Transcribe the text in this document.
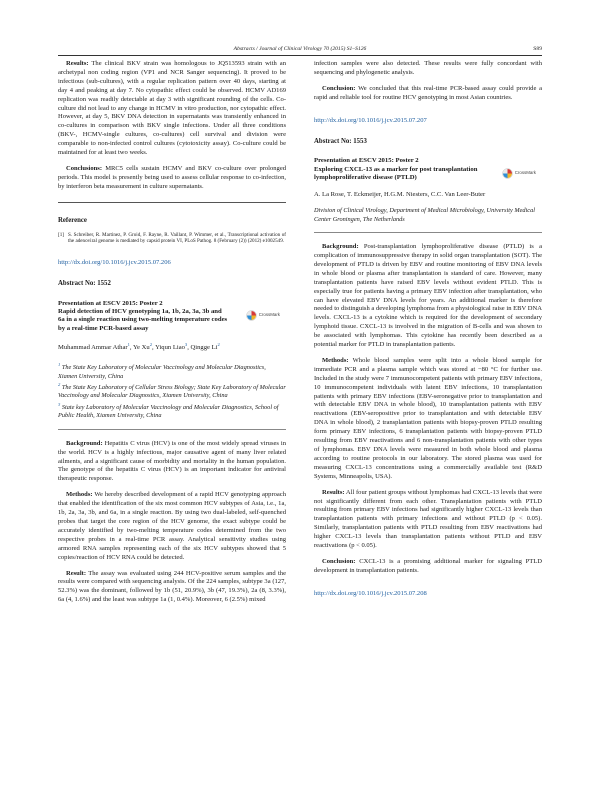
Abstracts / Journal of Clinical Virology 70 (2015) S1–S126	S89

Results: The clinical BKV strain was homologous to JQ513593 strain with an archetypal non coding region (VP1 and NCR Sanger sequencing). It proved to be infectious (sub-cultures), with a regular replication pattern over 40 days, starting at day 4 and peaking at day 7. No cytopathic effect could be observed. HCMV AD169 replication was readily detectable at day 3 with significant rounding of the cells. Co-culture did not lead to any change in HCMV in vitro production, nor cytopathic effect. However, at day 5, BKV DNA detection in supernatants was transiently enhanced in co-cultures in comparison with BKV single infections. Under all three conditions (BKV-, HCMV-single cultures, co-cultures) cell survival and division were comparable to non-infected control cultures (cytotoxicity assay). Co-culture could be maintained for at least two weeks.

Conclusions: MRC5 cells sustain HCMV and BKV co-culture over prolonged periods. This model is presently being used to assess cellular response to co-infection, by interferon beta measurement in culture supernatants.

Reference
[1] S. Schreiber, R. Martinez, P. Groid, F. Rayne, R. Vaillant, P. Wimmer, et al., Transcriptional activation of the adenoviral genome is mediated by capsid protein VI, PLoS Pathog. 8 (February (2)) (2012) e1002549.
http://dx.doi.org/10.1016/j.jcv.2015.07.206
Abstract No: 1552
Presentation at ESCV 2015: Poster 2
Rapid detection of HCV genotyping 1a, 1b, 2a, 3a, 3b and 6a in a single reaction using two-melting temperature codes by a real-time PCR-based assay
CrossMark
Muhammad Ammar Athar$^1$, Ye Xu$^2$, Yiqun Liao$^3$, Qingge Li$^2$

$^1$ The State Key Laboratory of Molecular Vaccinology and Molecular Diagnostics, Xiamen University, China

$^2$ The State Key Laboratory of Cellular Stress Biology; State Key Laboratory of Molecular Vaccinology and Molecular Diagnostics, Xiamen University, China

$^3$ State key Laboratory of Molecular Vaccinology and Molecular Diagnostics, School of Public Health, Xiamen University, China

Background: Hepatitis C virus (HCV) is one of the most widely spread viruses in the world. HCV is a highly infectious, major causative agent of many liver related ailments, and a significant cause of morbidity and mortality in the human population. The genotype of the hepatitis C virus (HCV) is an important indicator for antiviral therapeutic response.

Methods: We hereby described development of a rapid HCV genotyping approach that enabled the identification of the six most common HCV subtypes of Asia, i.e., 1a, 1b, 2a, 3a, 3b, and 6a, in a single reaction. By using two dual-labeled, self-quenched probes that target the core region of the HCV genome, the exact subtype could be accurately identified by two-melting temperature codes determined from the two respective probes in a real-time PCR assay. Analytical sensitivity studies using armored RNA samples representing each of the six HCV subtypes showed that 5 copies/reaction of HCV RNA could be detected.

Result: The assay was evaluated using 244 HCV-positive serum samples and the results were compared with sequencing analysis. Of the 224 samples, subtype 3a (127, 52.3%) was the dominant, followed by 1b (51, 20.9%), 3b (47, 19.3%), 2a (8, 3.3%), 6a (4, 1.6%) and the least was subtype 1a (1, 0.4%). Moreover, 6 (2.5%) mixed

infection samples were also detected. These results were fully concordant with sequencing and phylogenetic analysis.

Conclusion: We concluded that this real-time PCR-based assay could provide a rapid and reliable tool for routine HCV genotyping in most Asian countries.

http://dx.doi.org/10.1016/j.jcv.2015.07.207
Abstract No: 1553
Presentation at ESCV 2015: Poster 2
Exploring CXCL-13 as a marker for post transplantation lymphoproliferative disease (PTLD)
CrossMark
A. La Rose, T. Eckmeijer, H.G.M. Niesters, C.C. Van Leer-Buter

Division of Clinical Virology, Department of Medical Microbiology, University Medical Center Groningen, The Netherlands

Background: Post-transplantation lymphoproliferative disease (PTLD) is a complication of immunosuppressive therapy in solid organ transplantation (SOT). The development of PTLD is driven by EBV and routine monitoring of EBV DNA levels in whole blood or plasma after transplantation is standard of care. However, many transplantation patients have raised EBV levels without evident PTLD. This is especially true for patients having a primary EBV infection after transplantation, who can have elevated EBV DNA levels for years. An additional marker is therefore needed to distinguish a developing lymphoma from a physiological raise in EBV DNA levels. CXCL-13 is a cytokine which is required for the development of secondary lymphoid tissue. CXCL-13 is involved in the migration of B-cells and was shown to be associated with lymphomas. This cytokine has recently been described as a potential marker for PTLD in transplantation patients.

Methods: Whole blood samples were split into a whole blood sample for immediate PCR and a plasma sample which was stored at −80 °C for further use. Included in the study were 7 immunocompetent patients with primary EBV infections, 10 immunocompetent individuals with latent EBV infections, 10 transplantation patients with primary EBV infections (EBV-seronegative prior to transplantation and with detectable EBV DNA in whole blood), 10 transplantation patients with EBV reactivations (EBV-seropositive prior to transplantation and with detectable EBV DNA in whole blood), 2 transplantation patients with biopsy-proven PTLD resulting form primary EBV infections, 6 transplantation patients with biopsy-proven PTLD resulting from EBV reactivations and 6 non-transplantation patients with other types of lymphomas. EBV DNA levels were measured in both whole blood and plasma according to routine protocols in our laboratory. The stored plasma was used for measuring CXCL-13 concentrations using a commercially available test (R&D Systems, Minneapolis, USA).

Results: All four patient groups without lymphomas had CXCL-13 levels that were not significantly different from each other. Transplantation patients with PTLD resulting from primary EBV infections had significantly higher CXCL-13 levels than transplantation patients with primary infections and without PTLD (p < 0.05). Similarly, transplantation patients with PTLD resulting from EBV reactivations had higher CXCL-13 levels than transplantation patients without PTLD and EBV reactivations (p < 0.05).

Conclusion: CXCL-13 is a promising additional marker for signaling PTLD development in transplantation patients.

http://dx.doi.org/10.1016/j.jcv.2015.07.208
